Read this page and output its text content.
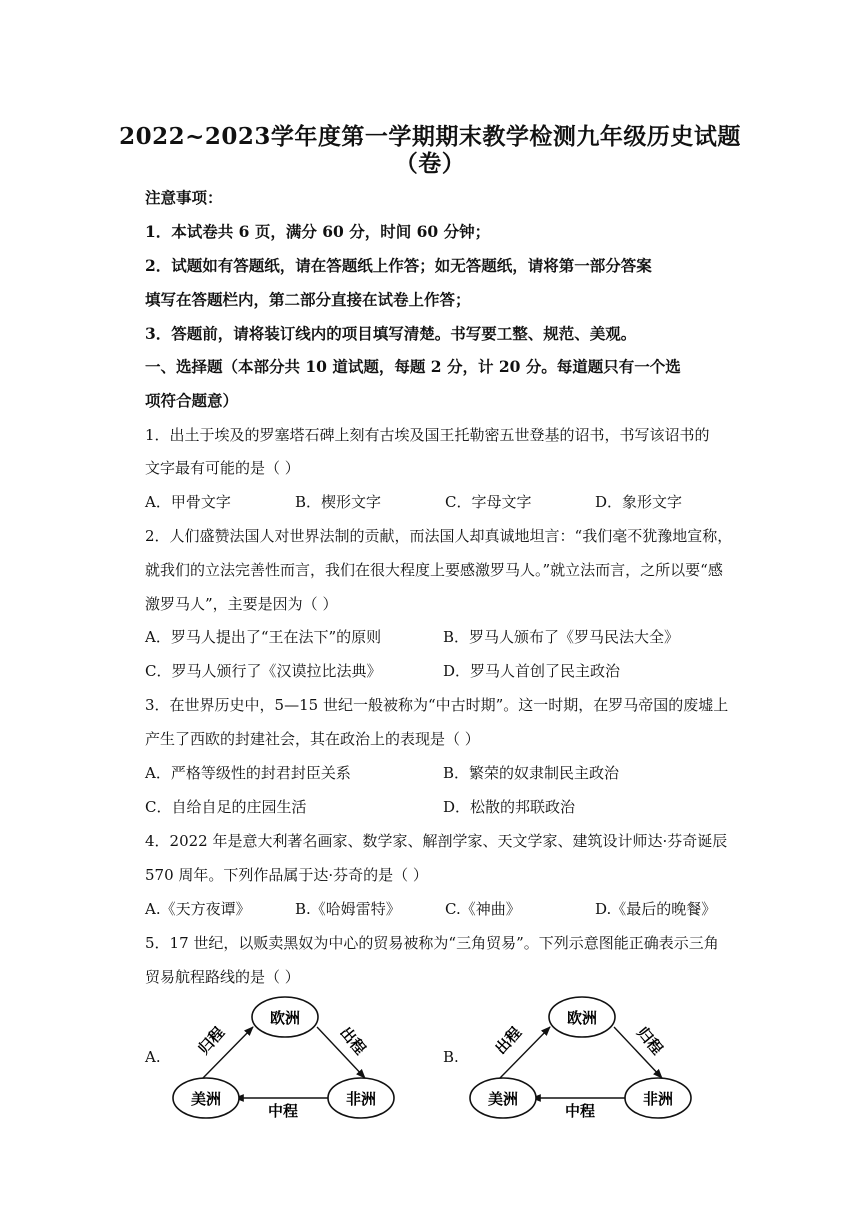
2022~2023学年度第一学期期末教学检测九年级历史试题
（卷）
注意事项：
1．本试卷共 6 页，满分 60 分，时间 60 分钟；
2．试题如有答题纸，请在答题纸上作答；如无答题纸，请将第一部分答案
填写在答题栏内，第二部分直接在试卷上作答；
3．答题前，请将装订线内的项目填写清楚。书写要工整、规范、美观。
一、选择题（本部分共 10 道试题，每题 2 分，计 20 分。每道题只有一个选
项符合题意）
1．出土于埃及的罗塞塔石碑上刻有古埃及国王托勒密五世登基的诏书，书写该诏书的
文字最有可能的是（ ）
A．甲骨文字	B．楔形文字	C．字母文字	D．象形文字
2．人们盛赞法国人对世界法制的贡献，而法国人却真诚地坦言：“我们毫不犹豫地宣称，
就我们的立法完善性而言，我们在很大程度上要感激罗马人。”就立法而言，之所以要“感
激罗马人”，主要是因为（ ）
A．罗马人提出了“王在法下”的原则	B．罗马人颁布了《罗马民法大全》
C．罗马人颁行了《汉谟拉比法典》	D．罗马人首创了民主政治
3．在世界历史中，5—15 世纪一般被称为“中古时期”。这一时期，在罗马帝国的废墟上
产生了西欧的封建社会，其在政治上的表现是（ ）
A．严格等级性的封君封臣关系	B．繁荣的奴隶制民主政治
C．自给自足的庄园生活	D．松散的邦联政治
4．2022 年是意大利著名画家、数学家、解剖学家、天文学家、建筑设计师达·芬奇诞辰
570 周年。下列作品属于达·芬奇的是（ ）
A.《天方夜谭》	B.《哈姆雷特》	C.《神曲》	D.《最后的晚餐》
5．17 世纪，以贩卖黑奴为中心的贸易被称为“三角贸易”。下列示意图能正确表示三角
贸易航程路线的是（ ）
A.	B.
欧洲
美洲	非洲
归程	出程
中程
欧洲
美洲	非洲
出程	归程
中程
